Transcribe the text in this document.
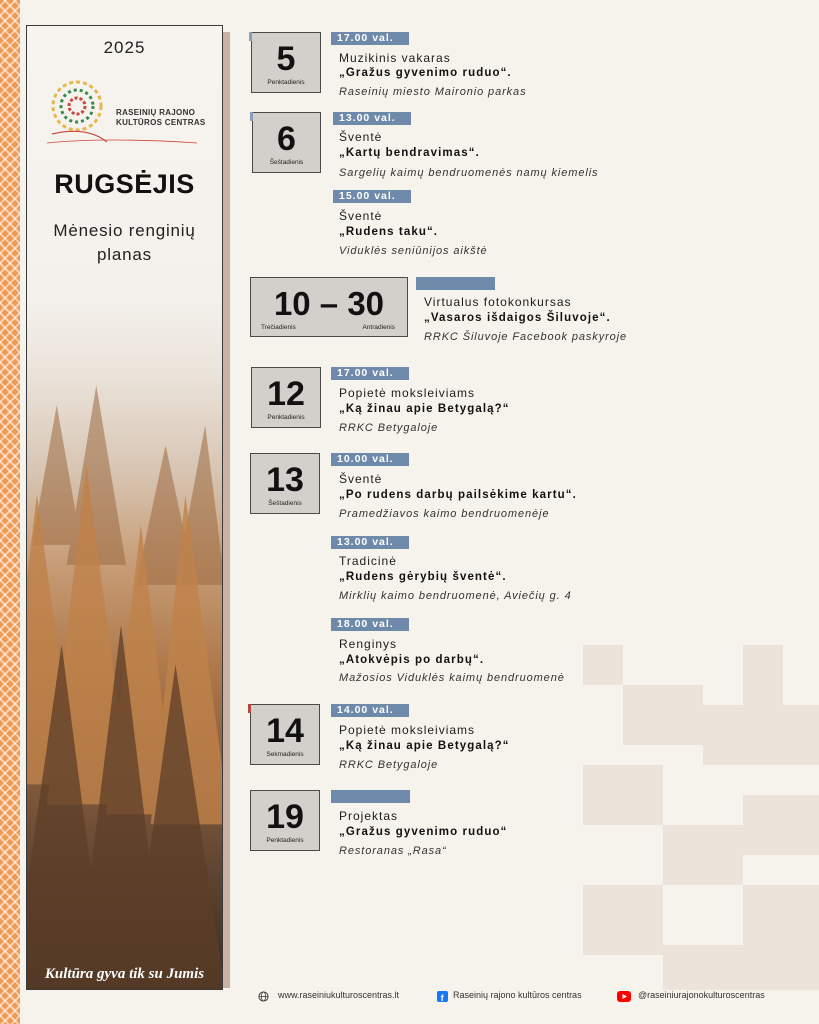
2025
RASEINIŲ RAJONO
KULTŪROS CENTRAS
RUGSĖJIS
Mėnesio renginių
planas
Kultūra gyva tik su Jumis
5
Penktadienis
17.00 val.
Muzikinis vakaras
„Gražus gyvenimo ruduo“.
Raseinių miesto Maironio parkas
6
Šeštadienis
13.00 val.
Šventė
„Kartų bendravimas“.
Sargelių kaimų bendruomenės namų kiemelis
15.00 val.
Šventė
„Rudens taku“.
Viduklės seniūnijos aikštė
10 – 30
Trečiadienis	Antradienis
Virtualus fotokonkursas
„Vasaros išdaigos Šiluvoje“.
RRKC Šiluvoje Facebook paskyroje
12
Penktadienis
17.00 val.
Popietė moksleiviams
„Ką žinau apie Betygalą?“
RRKC Betygaloje
13
Šeštadienis
10.00 val.
Šventė
„Po rudens darbų pailsėkime kartu“.
Pramedžiavos kaimo bendruomenėje
13.00 val.
Tradicinė
„Rudens gėrybių šventė“.
Mirklių kaimo bendruomenė, Aviečių g. 4
18.00 val.
Renginys
„Atokvėpis po darbų“.
Mažosios Viduklės kaimų bendruomenė
14
Sekmadienis
14.00 val.
Popietė moksleiviams
„Ką žinau apie Betygalą?“
RRKC Betygaloje
19
Penktadienis
Projektas
„Gražus gyvenimo ruduo“
Restoranas „Rasa“
www.raseiniukulturoscentras.lt	f Raseinių rajono kultūros centras	@raseiniurajonokulturoscentras
